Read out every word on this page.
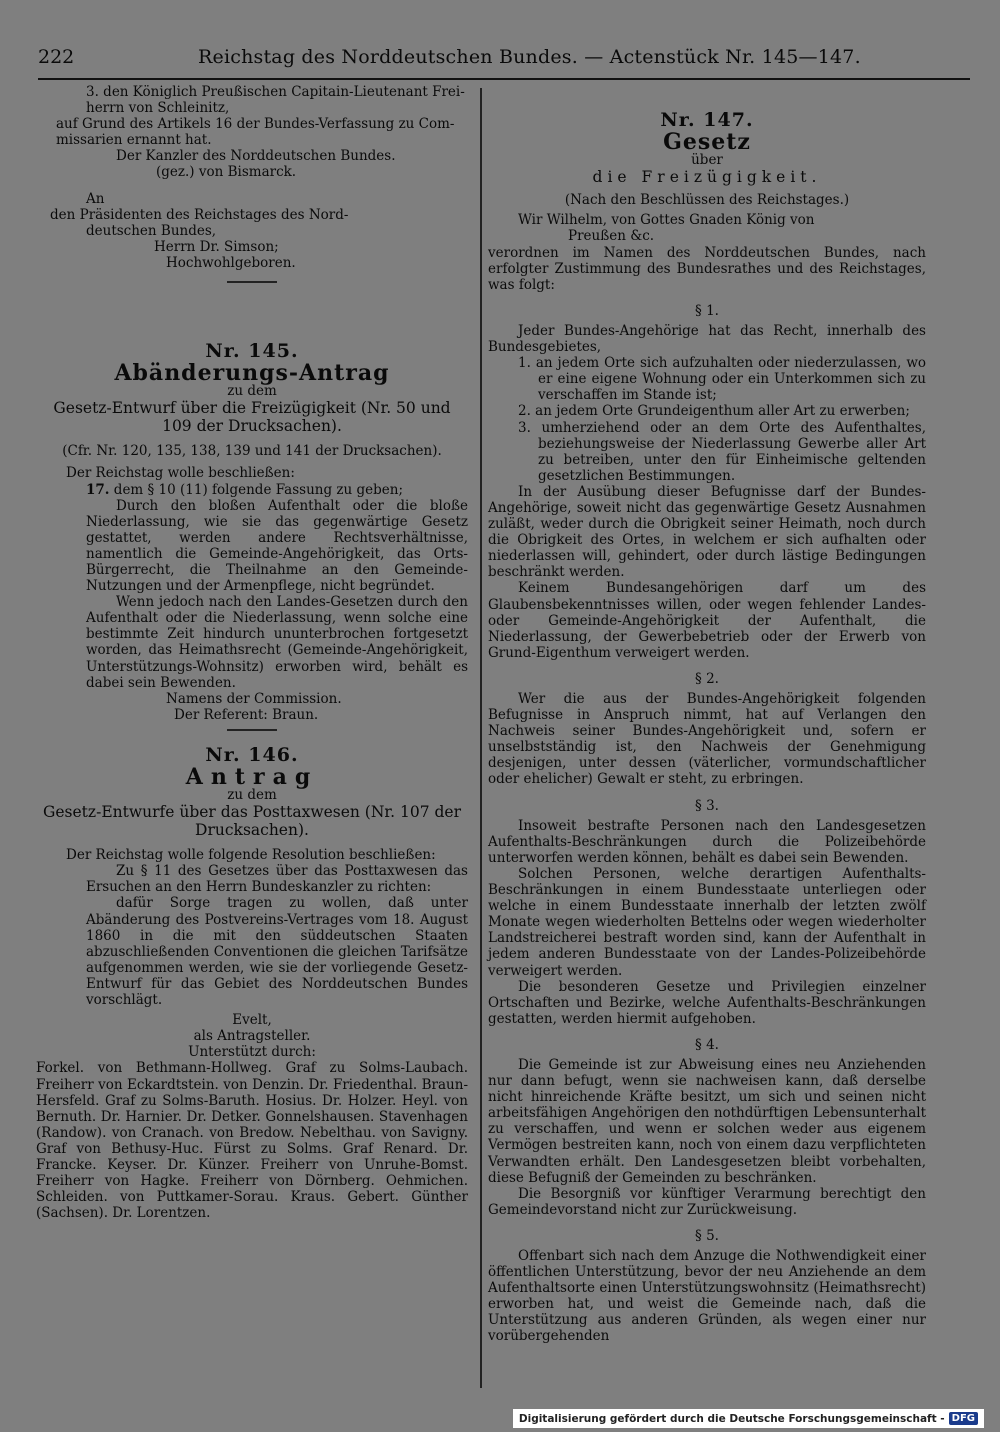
222	Reichstag des Norddeutschen Bundes. — Actenstück Nr. 145—147.

3. den Königlich Preußischen Capitain-Lieutenant Frei-

herrn von Schleinitz,

auf Grund des Artikels 16 der Bundes-Verfassung zu Com-

missarien ernannt hat.

Der Kanzler des Norddeutschen Bundes.

(gez.) von Bismarck.

An

den Präsidenten des Reichstages des Nord-

deutschen Bundes,

Herrn Dr. Simson;

Hochwohlgeboren.

Nr. 145.
Abänderungs-Antrag
zu dem
Gesetz-Entwurf über die Freizügigkeit (Nr. 50 und
109 der Drucksachen).
(Cfr. Nr. 120, 135, 138, 139 und 141 der Drucksachen).

Der Reichstag wolle beschließen:

17. dem § 10 (11) folgende Fassung zu geben;

Durch den bloßen Aufenthalt oder die bloße Niederlassung, wie sie das gegenwärtige Gesetz gestattet, werden andere Rechtsverhältnisse, namentlich die Gemeinde-Angehörigkeit, das Orts-Bürgerrecht, die Theilnahme an den Gemeinde-Nutzungen und der Armenpflege, nicht begründet.

Wenn jedoch nach den Landes-Gesetzen durch den Aufenthalt oder die Niederlassung, wenn solche eine bestimmte Zeit hindurch ununterbrochen fortgesetzt worden, das Heimathsrecht (Gemeinde-Angehörigkeit, Unterstützungs-Wohnsitz) erworben wird, behält es dabei sein Bewenden.

Namens der Commission.

Der Referent: Braun.

Nr. 146.
Antrag
zu dem
Gesetz-Entwurfe über das Posttaxwesen (Nr. 107 der
Drucksachen).

Der Reichstag wolle folgende Resolution beschließen:

Zu § 11 des Gesetzes über das Posttaxwesen das Ersuchen an den Herrn Bundeskanzler zu richten:

dafür Sorge tragen zu wollen, daß unter Abänderung des Postvereins-Vertrages vom 18. August 1860 in die mit den süddeutschen Staaten abzuschließenden Conventionen die gleichen Tarifsätze aufgenommen werden, wie sie der vorliegende Gesetz-Entwurf für das Gebiet des Norddeutschen Bundes vorschlägt.

Evelt,
als Antragsteller.
Unterstützt durch:

Forkel. von Bethmann-Hollweg. Graf zu Solms-Laubach. Freiherr von Eckardtstein. von Denzin. Dr. Friedenthal. Braun-Hersfeld. Graf zu Solms-Baruth. Hosius. Dr. Holzer. Heyl. von Bernuth. Dr. Harnier. Dr. Detker. Gonnelshausen. Stavenhagen (Randow). von Cranach. von Bredow. Nebelthau. von Savigny. Graf von Bethusy-Huc. Fürst zu Solms. Graf Renard. Dr. Francke. Keyser. Dr. Künzer. Freiherr von Unruhe-Bomst. Freiherr von Hagke. Freiherr von Dörnberg. Oehmichen. Schleiden. von Puttkamer-Sorau. Kraus. Gebert. Günther (Sachsen). Dr. Lorentzen.

Nr. 147.
Gesetz
über
die Freizügigkeit.
(Nach den Beschlüssen des Reichstages.)

Wir Wilhelm, von Gottes Gnaden König von

Preußen &c.

verordnen im Namen des Norddeutschen Bundes, nach erfolgter Zustimmung des Bundesrathes und des Reichstages, was folgt:

§ 1.

Jeder Bundes-Angehörige hat das Recht, innerhalb des Bundesgebietes,

1. an jedem Orte sich aufzuhalten oder niederzulassen, wo er eine eigene Wohnung oder ein Unterkommen sich zu verschaffen im Stande ist;

2. an jedem Orte Grundeigenthum aller Art zu erwerben;

3. umherziehend oder an dem Orte des Aufenthaltes, beziehungsweise der Niederlassung Gewerbe aller Art zu betreiben, unter den für Einheimische geltenden gesetzlichen Bestimmungen.

In der Ausübung dieser Befugnisse darf der Bundes-Angehörige, soweit nicht das gegenwärtige Gesetz Ausnahmen zuläßt, weder durch die Obrigkeit seiner Heimath, noch durch die Obrigkeit des Ortes, in welchem er sich aufhalten oder niederlassen will, gehindert, oder durch lästige Bedingungen beschränkt werden.

Keinem Bundesangehörigen darf um des Glaubensbekenntnisses willen, oder wegen fehlender Landes- oder Gemeinde-Angehörigkeit der Aufenthalt, die Niederlassung, der Gewerbebetrieb oder der Erwerb von Grund-Eigenthum verweigert werden.

§ 2.

Wer die aus der Bundes-Angehörigkeit folgenden Befugnisse in Anspruch nimmt, hat auf Verlangen den Nachweis seiner Bundes-Angehörigkeit und, sofern er unselbstständig ist, den Nachweis der Genehmigung desjenigen, unter dessen (väterlicher, vormundschaftlicher oder ehelicher) Gewalt er steht, zu erbringen.

§ 3.

Insoweit bestrafte Personen nach den Landesgesetzen Aufenthalts-Beschränkungen durch die Polizeibehörde unterworfen werden können, behält es dabei sein Bewenden.

Solchen Personen, welche derartigen Aufenthalts-Beschränkungen in einem Bundesstaate unterliegen oder welche in einem Bundesstaate innerhalb der letzten zwölf Monate wegen wiederholten Bettelns oder wegen wiederholter Landstreicherei bestraft worden sind, kann der Aufenthalt in jedem anderen Bundesstaate von der Landes-Polizeibehörde verweigert werden.

Die besonderen Gesetze und Privilegien einzelner Ortschaften und Bezirke, welche Aufenthalts-Beschränkungen gestatten, werden hiermit aufgehoben.

§ 4.

Die Gemeinde ist zur Abweisung eines neu Anziehenden nur dann befugt, wenn sie nachweisen kann, daß derselbe nicht hinreichende Kräfte besitzt, um sich und seinen nicht arbeitsfähigen Angehörigen den nothdürftigen Lebensunterhalt zu verschaffen, und wenn er solchen weder aus eigenem Vermögen bestreiten kann, noch von einem dazu verpflichteten Verwandten erhält. Den Landesgesetzen bleibt vorbehalten, diese Befugniß der Gemeinden zu beschränken.

Die Besorgniß vor künftiger Verarmung berechtigt den Gemeindevorstand nicht zur Zurückweisung.

§ 5.

Offenbart sich nach dem Anzuge die Nothwendigkeit einer öffentlichen Unterstützung, bevor der neu Anziehende an dem Aufenthaltsorte einen Unterstützungswohnsitz (Heimathsrecht) erworben hat, und weist die Gemeinde nach, daß die Unterstützung aus anderen Gründen, als wegen einer nur vorübergehenden

Digitalisierung gefördert durch die Deutsche Forschungsgemeinschaft - DFG
